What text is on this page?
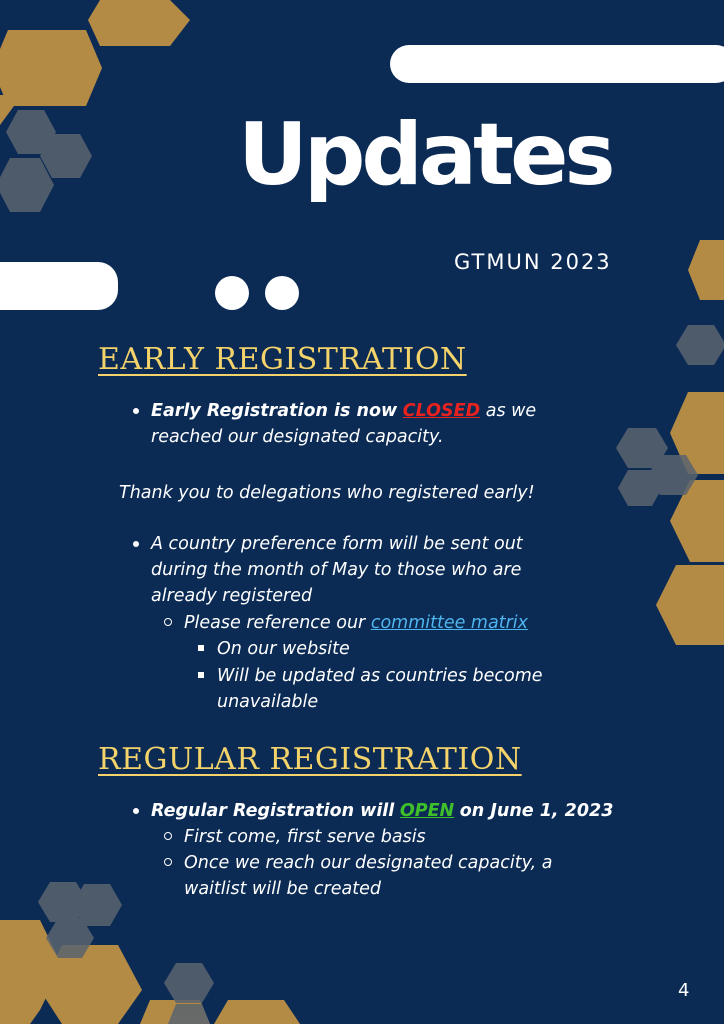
Updates
GTMUN 2023
EARLY REGISTRATION
Early Registration is now CLOSED as we
reached our designated capacity.
Thank you to delegations who registered early!
A country preference form will be sent out
during the month of May to those who are
already registered
Please reference our committee matrix
On our website
Will be updated as countries become
unavailable
REGULAR REGISTRATION
Regular Registration will OPEN on June 1, 2023
First come, first serve basis
Once we reach our designated capacity, a
waitlist will be created
4
